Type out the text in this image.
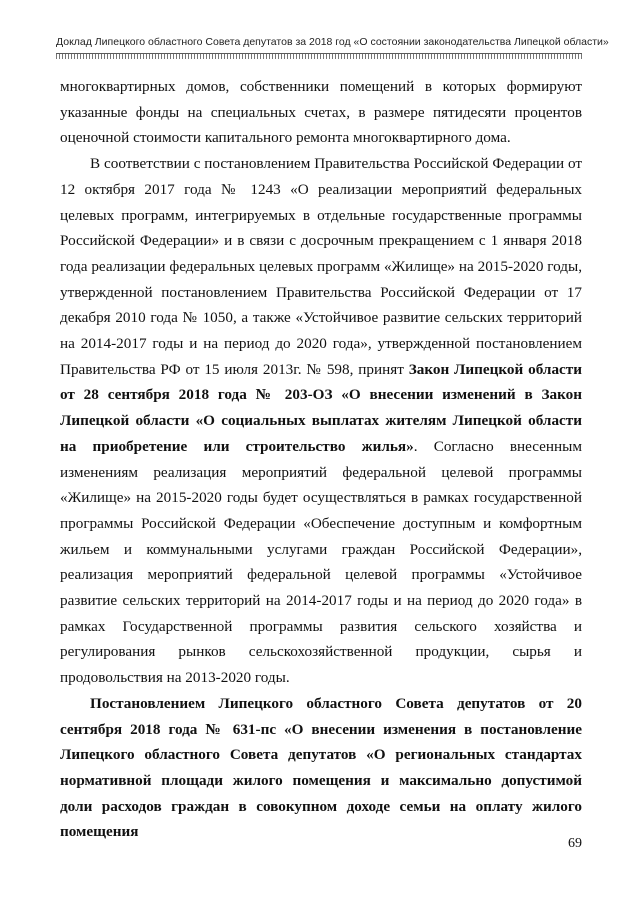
Доклад Липецкого областного Совета депутатов за 2018 год «О состоянии законодательства Липецкой области»

многоквартирных домов, собственники помещений в которых формируют указанные фонды на специальных счетах, в размере пятидесяти процентов оценочной стоимости капитального ремонта многоквартирного дома.

В соответствии с постановлением Правительства Российской Федерации от 12 октября 2017 года № 1243 «О реализации мероприятий федеральных целевых программ, интегрируемых в отдельные государственные программы Российской Федерации» и в связи с досрочным прекращением с 1 января 2018 года реализации федеральных целевых программ «Жилище» на 2015-2020 годы, утвержденной постановлением Правительства Российской Федерации от 17 декабря 2010 года № 1050, а также «Устойчивое развитие сельских территорий на 2014-2017 годы и на период до 2020 года», утвержденной постановлением Правительства РФ от 15 июля 2013г. № 598, принят Закон Липецкой области от 28 сентября 2018 года № 203-ОЗ «О внесении изменений в Закон Липецкой области «О социальных выплатах жителям Липецкой области на приобретение или строительство жилья». Согласно внесенным изменениям реализация мероприятий федеральной целевой программы «Жилище» на 2015-2020 годы будет осуществляться в рамках государственной программы Российской Федерации «Обеспечение доступным и комфортным жильем и коммунальными услугами граждан Российской Федерации», реализация мероприятий федеральной целевой программы «Устойчивое развитие сельских территорий на 2014-2017 годы и на период до 2020 года» в рамках Государственной программы развития сельского хозяйства и регулирования рынков сельскохозяйственной продукции, сырья и продовольствия на 2013-2020 годы.

Постановлением Липецкого областного Совета депутатов от 20 сентября 2018 года № 631-пс «О внесении изменения в постановление Липецкого областного Совета депутатов «О региональных стандартах нормативной площади жилого помещения и максимально допустимой доли расходов граждан в совокупном доходе семьи на оплату жилого помещения

69
